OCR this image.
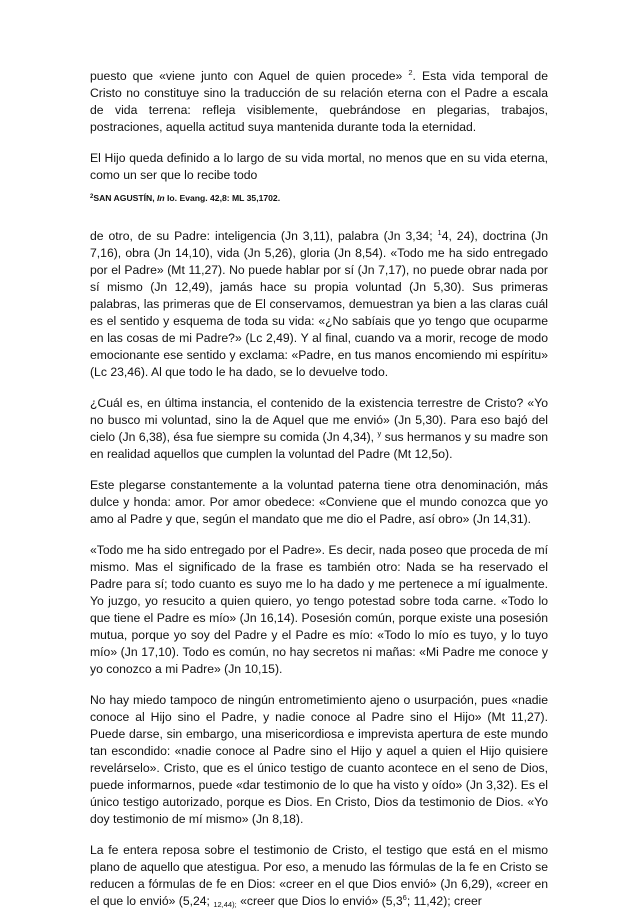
puesto que «viene junto con Aquel de quien procede» $^2$. Esta vida temporal de Cristo no constituye sino la traducción de su relación eterna con el Padre a escala de vida terrena: refleja visiblemente, quebrándose en plegarias, trabajos, postraciones, aquella actitud suya mantenida durante toda la eternidad.

El Hijo queda definido a lo largo de su vida mortal, no menos que en su vida eterna, como un ser que lo recibe todo

$^2$SAN AGUSTÍN, In Io. Evang. 42,8: ML 35,1702.

de otro, de su Padre: inteligencia (Jn 3,11), palabra (Jn 3,34; $^1$4, 24), doctrina (Jn 7,16), obra (Jn 14,10), vida (Jn 5,26), gloria (Jn 8,54). «Todo me ha sido entregado por el Padre» (Mt 11,27). No puede hablar por sí (Jn 7,17), no puede obrar nada por sí mismo (Jn 12,49), jamás hace su propia voluntad (Jn 5,30). Sus primeras palabras, las primeras que de El conservamos, demuestran ya bien a las claras cuál es el sentido y esquema de toda su vida: «¿No sabíais que yo tengo que ocuparme en las cosas de mi Padre?» (Lc 2,49). Y al final, cuando va a morir, recoge de modo emocionante ese sentido y exclama: «Padre, en tus manos encomiendo mi espíritu» (Lc 23,46). Al que todo le ha dado, se lo devuelve todo.

¿Cuál es, en última instancia, el contenido de la existencia terrestre de Cristo? «Yo no busco mi voluntad, sino la de Aquel que me envió» (Jn 5,30). Para eso bajó del cielo (Jn 6,38), ésa fue siempre su comida (Jn 4,34), $^y$ sus hermanos y su madre son en realidad aquellos que cumplen la voluntad del Padre (Mt 12,5o).

Este plegarse constantemente a la voluntad paterna tiene otra denominación, más dulce y honda: amor. Por amor obedece: «Conviene que el mundo conozca que yo amo al Padre y que, según el mandato que me dio el Padre, así obro» (Jn 14,31).

«Todo me ha sido entregado por el Padre». Es decir, nada poseo que proceda de mí mismo. Mas el significado de la frase es también otro: Nada se ha reservado el Padre para sí; todo cuanto es suyo me lo ha dado y me pertenece a mí igualmente. Yo juzgo, yo resucito a quien quiero, yo tengo potestad sobre toda carne. «Todo lo que tiene el Padre es mío» (Jn 16,14). Posesión común, porque existe una posesión mutua, porque yo soy del Padre y el Padre es mío: «Todo lo mío es tuyo, y lo tuyo mío» (Jn 17,10). Todo es común, no hay secretos ni mañas: «Mi Padre me conoce y yo conozco a mi Padre» (Jn 10,15).

No hay miedo tampoco de ningún entrometimiento ajeno o usurpación, pues «nadie conoce al Hijo sino el Padre, y nadie conoce al Padre sino el Hijo» (Mt 11,27). Puede darse, sin embargo, una misericordiosa e imprevista apertura de este mundo tan escondido: «nadie conoce al Padre sino el Hijo y aquel a quien el Hijo quisiere revelárselo». Cristo, que es el único testigo de cuanto acontece en el seno de Dios, puede informarnos, puede «dar testimonio de lo que ha visto y oído» (Jn 3,32). Es el único testigo autorizado, porque es Dios. En Cristo, Dios da testimonio de Dios. «Yo doy testimonio de mí mismo» (Jn 8,18).

La fe entera reposa sobre el testimonio de Cristo, el testigo que está en el mismo plano de aquello que atestigua. Por eso, a menudo las fórmulas de la fe en Cristo se reducen a fórmulas de fe en Dios: «creer en el que Dios envió» (Jn 6,29), «creer en el que lo envió» (5,24; 12,44); «creer que Dios lo envió» ($5,3^6$; 11,42); creer
